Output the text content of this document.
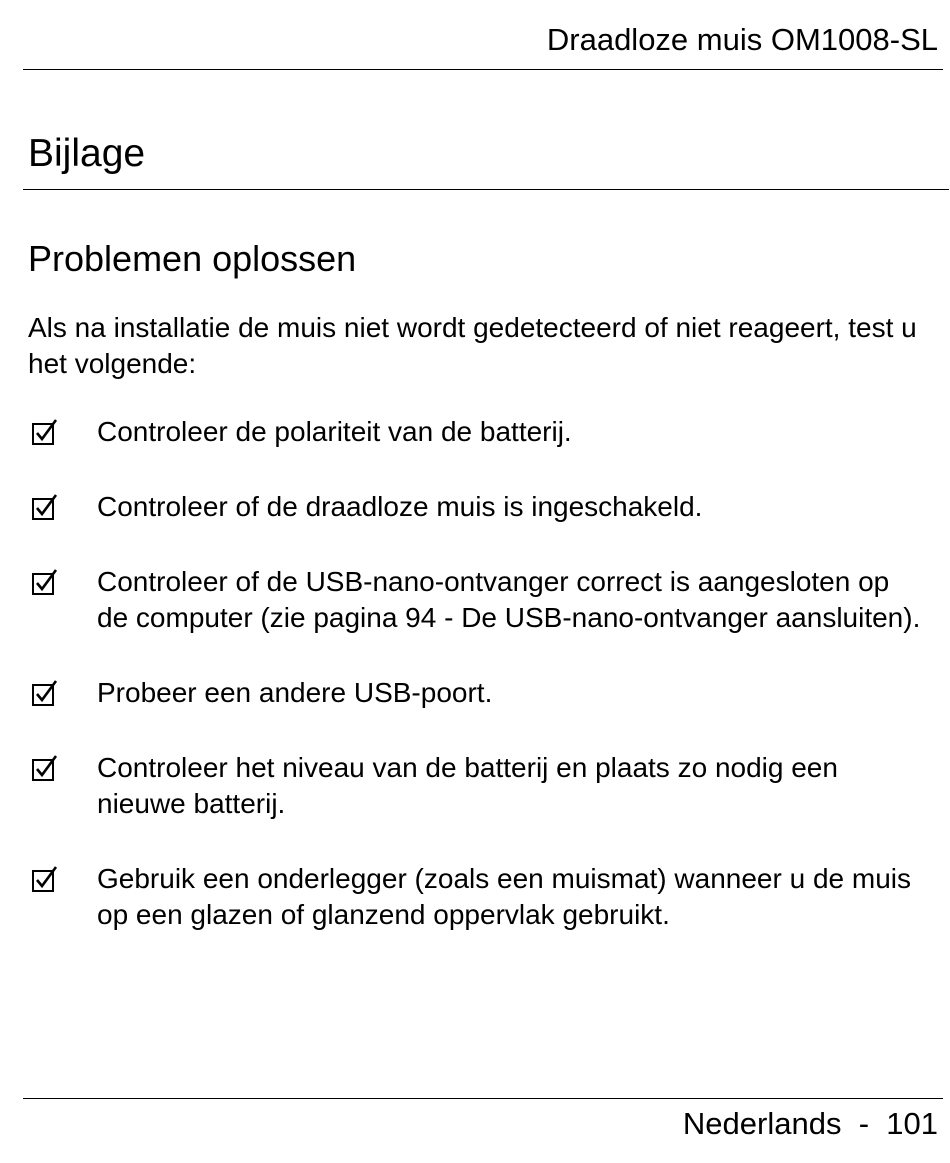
Draadloze muis OM1008-SL
Bijlage
Problemen oplossen

Als na installatie de muis niet wordt gedetecteerd of niet reageert, test u het volgende:

Controleer de polariteit van de batterij.
Controleer of de draadloze muis is ingeschakeld.
Controleer of de USB-nano-ontvanger correct is aangesloten op de computer (zie pagina 94 - De USB-nano-ontvanger aansluiten).
Probeer een andere USB-poort.
Controleer het niveau van de batterij en plaats zo nodig een nieuwe batterij.
Gebruik een onderlegger (zoals een muismat) wanneer u de muis op een glazen of glanzend oppervlak gebruikt.
Nederlands - 101
